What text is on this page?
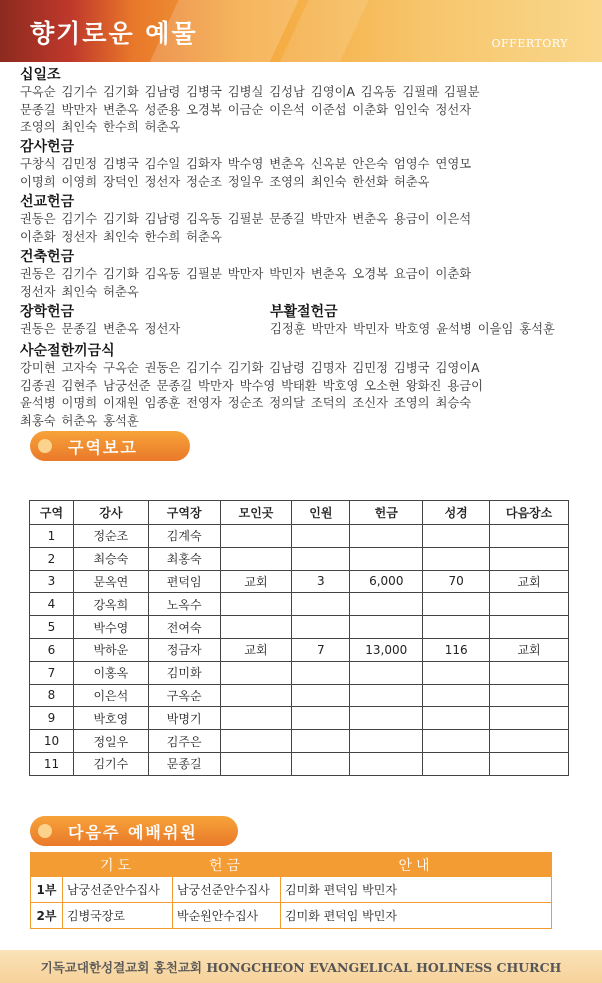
향기로운 예물	OFFERTORY
십일조
구옥순 김기수 김기화 김남령 김병국 김병실 김성남 김영이A 김옥동 김필래 김필분
문종길 박만자 변춘옥 성준용 오경복 이금순 이은석 이준섭 이춘화 임인숙 정선자
조영의 최인숙 한수희 허춘옥
감사헌금
구창식 김민정 김병국 김수일 김화자 박수영 변춘옥 신옥분 안은숙 엄영수 연영모
이명희 이영희 장덕인 정선자 정순조 정일우 조영의 최인숙 한선화 허춘옥
선교헌금
권동은 김기수 김기화 김남령 김옥동 김필분 문종길 박만자 변춘옥 용금이 이은석
이춘화 정선자 최인숙 한수희 허춘옥
건축헌금
권동은 김기수 김기화 김옥동 김필분 박만자 박민자 변춘옥 오경복 요금이 이춘화
정선자 최인숙 허춘옥
장학헌금
권동은 문종길 변춘옥 정선자
부활절헌금
김정훈 박만자 박민자 박호영 윤석병 이을임 홍석훈
사순절한끼금식
강미현 고자숙 구옥순 권동은 김기수 김기화 김남령 김명자 김민정 김병국 김영이A
김종권 김현주 남궁선준 문종길 박만자 박수영 박태환 박호영 오소현 왕화진 용금이
윤석병 이명희 이재원 임종훈 전영자 정순조 정의달 조덕의 조신자 조영의 최승숙
최홍숙 허춘옥 홍석훈
구역보고
구역	강사	구역장	모인곳	인원	헌금	성경	다음장소
1	정순조	김계숙					
2	최승숙	최홍숙					
3	문옥연	편덕임	교회	3	6,000	70	교회
4	강옥희	노옥수					
5	박수영	전여숙					
6	박하운	정금자	교회	7	13,000	116	교회
7	이홍옥	김미화					
8	이은석	구옥순					
9	박호영	박명기					
10	정일우	김주은					
11	김기수	문종길					
다음주 예배위원
	기도	헌금	안내
1부	남궁선준안수집사	남궁선준안수집사	김미화 편덕임 박민자
2부	김병국장로	박순원안수집사	김미화 편덕임 박민자
기독교대한성결교회 홍천교회 HONGCHEON EVANGELICAL HOLINESS CHURCH
